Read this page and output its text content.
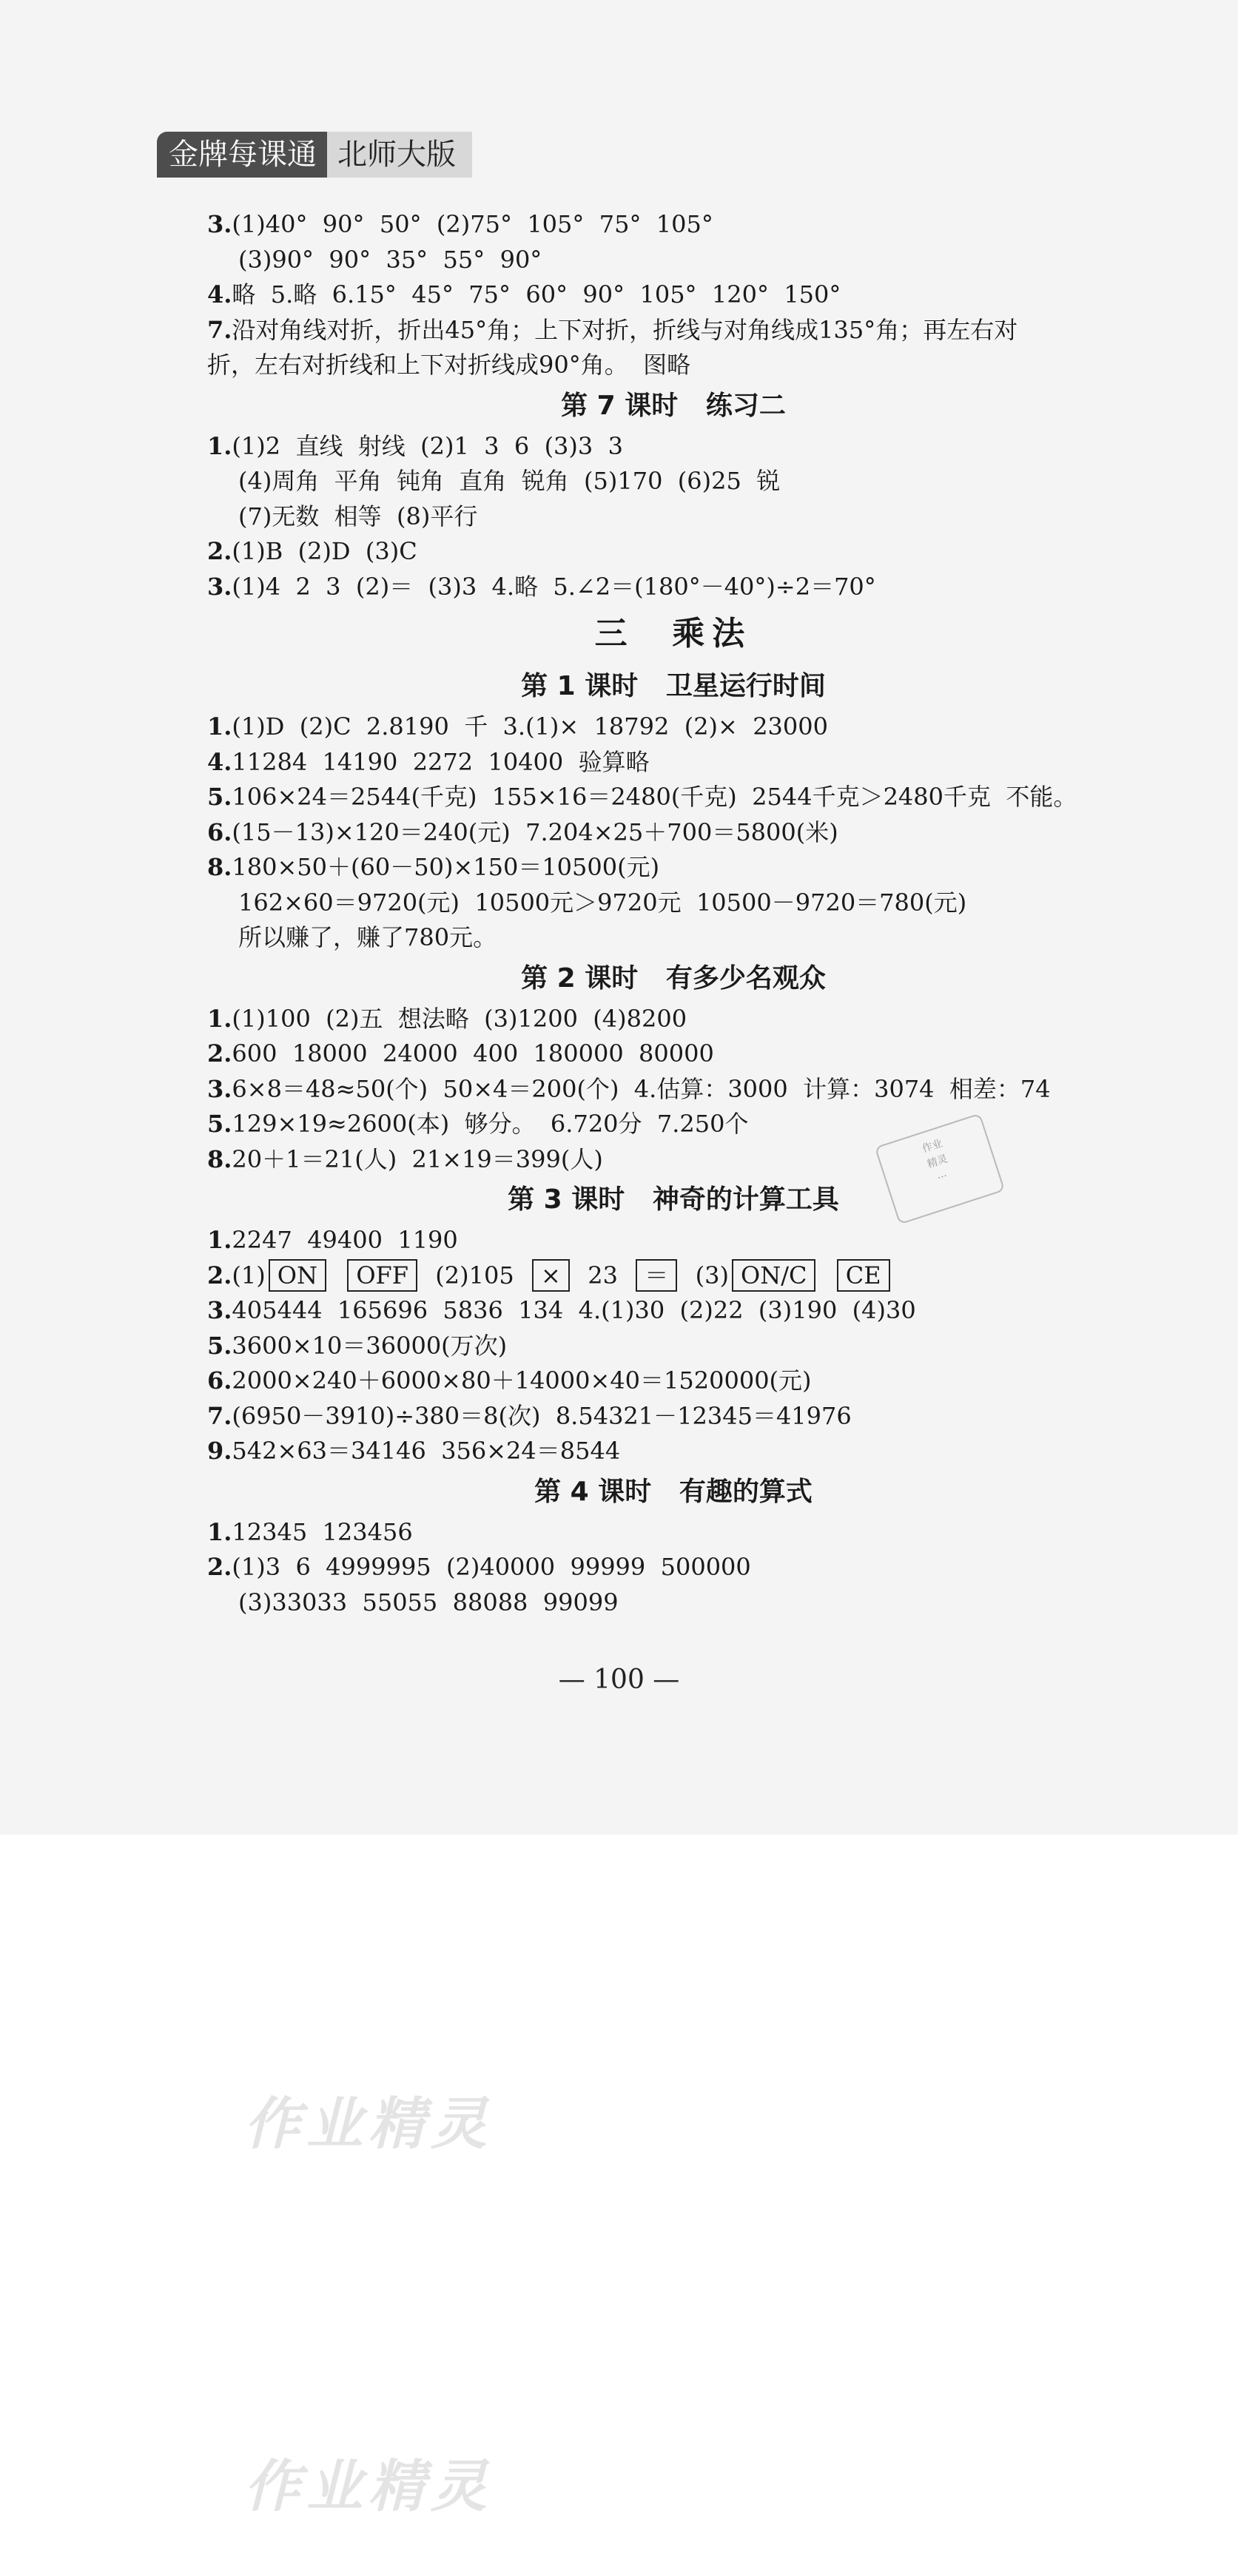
金牌每课通 北师大版
3.(1)40°  90°  50°  (2)75°  105°  75°  105°
(3)90°  90°  35°  55°  90°
4.略  5.略  6.15°  45°  75°  60°  90°  105°  120°  150°
7.沿对角线对折，折出45°角；上下对折，折线与对角线成135°角；再左右对
折，左右对折线和上下对折线成90°角。  图略
第 7 课时   练习二
1.(1)2  直线  射线  (2)1  3  6  (3)3  3
(4)周角  平角  钝角  直角  锐角  (5)170  (6)25  锐
(7)无数  相等  (8)平行
2.(1)B  (2)D  (3)C
3.(1)4  2  3  (2)＝  (3)3  4.略  5.∠2＝(180°－40°)÷2＝70°
三  乘法
第 1 课时   卫星运行时间
1.(1)D  (2)C  2.8190  千  3.(1)×  18792  (2)×  23000
4.11284  14190  2272  10400  验算略
5.106×24＝2544(千克)  155×16＝2480(千克)  2544千克＞2480千克  不能。
6.(15－13)×120＝240(元)  7.204×25＋700＝5800(米)
8.180×50＋(60－50)×150＝10500(元)
162×60＝9720(元)  10500元＞9720元  10500－9720＝780(元)
所以赚了，赚了780元。
第 2 课时   有多少名观众
1.(1)100  (2)五  想法略  (3)1200  (4)8200
2.600  18000  24000  400  180000  80000
3.6×8＝48≈50(个)  50×4＝200(个)  4.估算：3000  计算：3074  相差：74
5.129×19≈2600(本)  够分。  6.720分  7.250个
8.20＋1＝21(人)  21×19＝399(人)
第 3 课时   神奇的计算工具
1.2247  49400  1190
2.(1) ON OFF  (2)105  ×  23  ＝  (3) ON/C CE
3.405444  165696  5836  134  4.(1)30  (2)22  (3)190  (4)30
5.3600×10＝36000(万次)
6.2000×240＋6000×80＋14000×40＝1520000(元)
7.(6950－3910)÷380＝8(次)  8.54321－12345＝41976
9.542×63＝34146  356×24＝8544
第 4 课时   有趣的算式
1.12345  123456
2.(1)3  6  4999995  (2)40000  99999  500000
(3)33033  55055  88088  99099
作业
精灵
···
— 100 —
作业精灵
作业精灵
